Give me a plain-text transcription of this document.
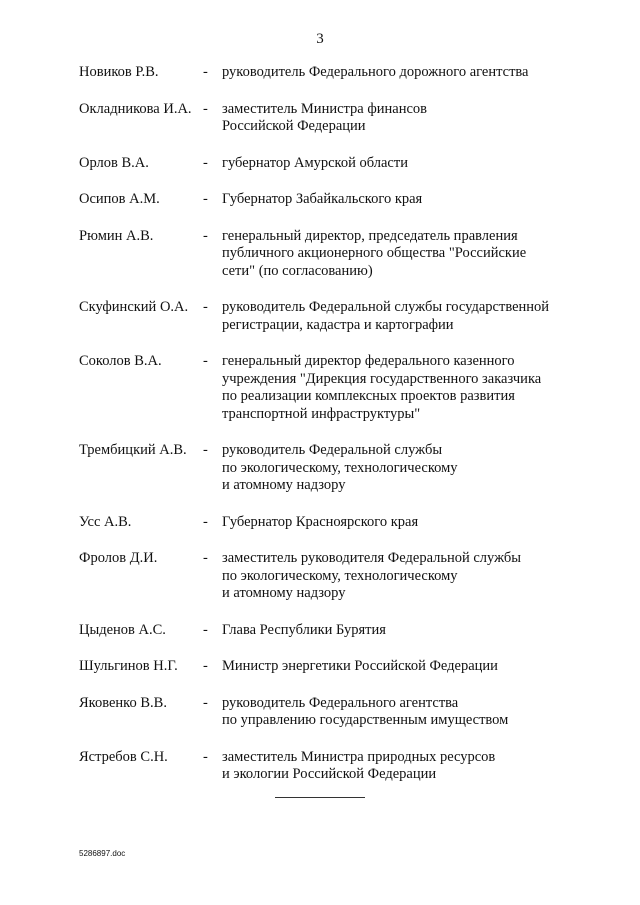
3
Новиков Р.В.	- руководитель Федерального дорожного агентства
Окладникова И.А. - заместитель Министра финансов
Российской Федерации
Орлов В.А.	- губернатор Амурской области
Осипов А.М.	- Губернатор Забайкальского края
Рюмин А.В.	- генеральный директор, председатель правления
публичного акционерного общества "Российские
сети" (по согласованию)
Скуфинский О.А. - руководитель Федеральной службы государственной
регистрации, кадастра и картографии
Соколов В.А.	- генеральный директор федерального казенного
учреждения "Дирекция государственного заказчика
по реализации комплексных проектов развития
транспортной инфраструктуры"
Трембицкий А.В. - руководитель Федеральной службы
по экологическому, технологическому
и атомному надзору
Усс А.В.	- Губернатор Красноярского края
Фролов Д.И.	- заместитель руководителя Федеральной службы
по экологическому, технологическому
и атомному надзору
Цыденов А.С.	- Глава Республики Бурятия
Шульгинов Н.Г. - Министр энергетики Российской Федерации
Яковенко В.В. - руководитель Федерального агентства
по управлению государственным имуществом
Ястребов С.Н. - заместитель Министра природных ресурсов
и экологии Российской Федерации
5286897.doc
